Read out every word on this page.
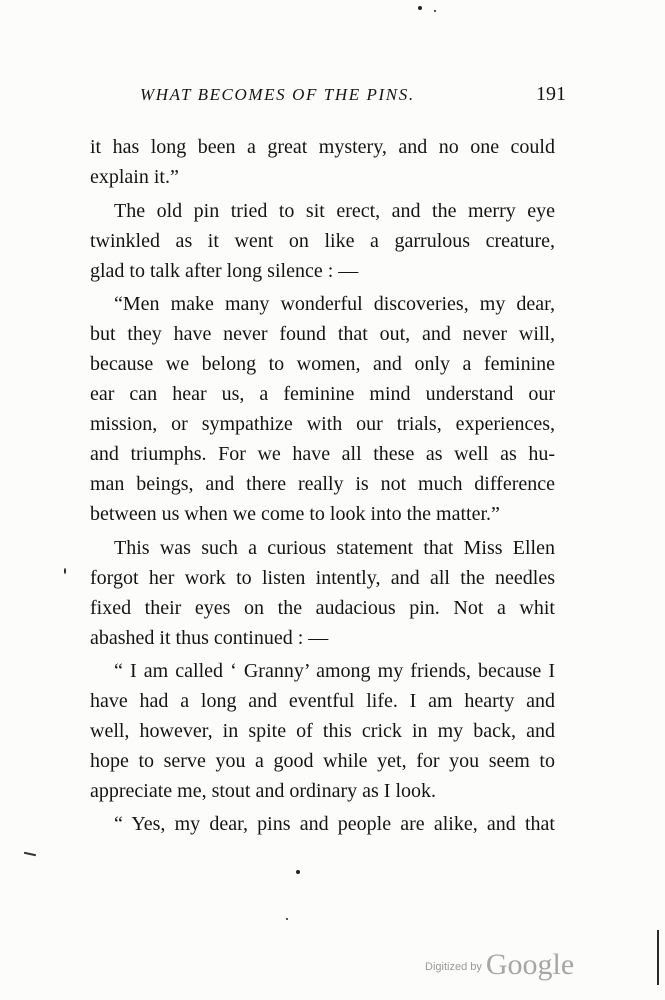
WHAT BECOMES OF THE PINS.	191
it has long been a great mystery, and no one could
explain it.”
The old pin tried to sit erect, and the merry eye
twinkled as it went on like a garrulous creature,
glad to talk after long silence : —
“Men make many wonderful discoveries, my dear,
but they have never found that out, and never will,
because we belong to women, and only a feminine
ear can hear us, a feminine mind understand our
mission, or sympathize with our trials, experiences,
and triumphs. For we have all these as well as hu-
man beings, and there really is not much difference
between us when we come to look into the matter.”
This was such a curious statement that Miss Ellen
forgot her work to listen intently, and all the needles
fixed their eyes on the audacious pin. Not a whit
abashed it thus continued : —
“ I am called ‘ Granny’ among my friends, because I
have had a long and eventful life. I am hearty and
well, however, in spite of this crick in my back, and
hope to serve you a good while yet, for you seem to
appreciate me, stout and ordinary as I look.
“ Yes, my dear, pins and people are alike, and that
$^{Digitized by}$ Google
